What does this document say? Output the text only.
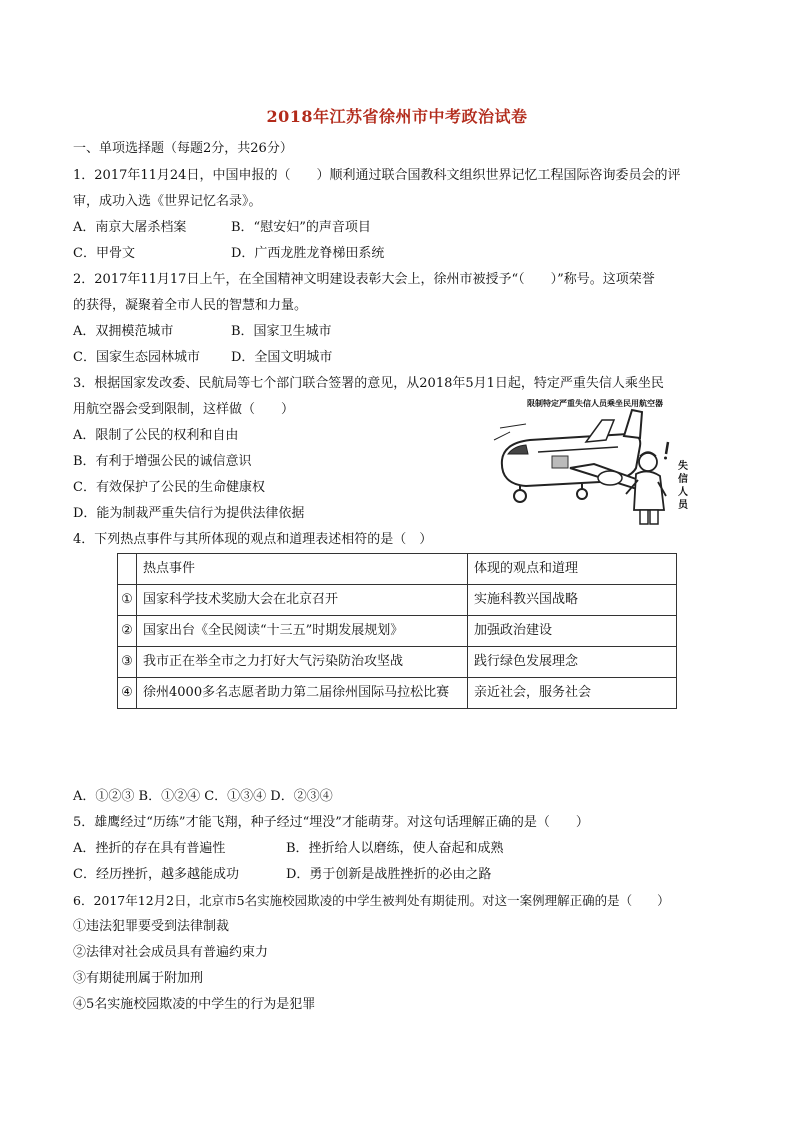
2018年江苏省徐州市中考政治试卷
一、单项选择题（每题2分，共26分）
1．2017年11月24日，中国申报的（　　）顺利通过联合国教科文组织世界记忆工程国际咨询委员会的评
审，成功入选《世界记忆名录》。
A．南京大屠杀档案	B．“慰安妇”的声音项目
C．甲骨文	D．广西龙胜龙脊梯田系统
2．2017年11月17日上午，在全国精神文明建设表彰大会上，徐州市被授予“（　　）”称号。这项荣誉
的获得，凝聚着全市人民的智慧和力量。
A．双拥模范城市	B．国家卫生城市
C．国家生态园林城市 D．全国文明城市
3．根据国家发改委、民航局等七个部门联合签署的意见，从2018年5月1日起，特定严重失信人乘坐民
用航空器会受到限制，这样做（　　）
A．限制了公民的权利和自由
B．有利于增强公民的诚信意识
C．有效保护了公民的生命健康权
D．能为制裁严重失信行为提供法律依据
限制特定严重失信人员乘坐民用航空器
失信人员
4．下列热点事件与其所体现的观点和道理表述相符的是（　）
	热点事件	体现的观点和道理
①	国家科学技术奖励大会在北京召开	实施科教兴国战略
②	国家出台《全民阅读“十三五”时期发展规划》	加强政治建设
③	我市正在举全市之力打好大气污染防治攻坚战	践行绿色发展理念
④	徐州4000多名志愿者助力第二届徐州国际马拉松比赛	亲近社会，服务社会
A．①②③ B．①②④ C．①③④ D．②③④
5．雄鹰经过“历练”才能飞翔，种子经过“埋没”才能萌芽。对这句话理解正确的是（　　）
A．挫折的存在具有普遍性	B．挫折给人以磨练，使人奋起和成熟
C．经历挫折，越多越能成功	D．勇于创新是战胜挫折的必由之路
6．2017年12月2日，北京市5名实施校园欺凌的中学生被判处有期徒刑。对这一案例理解正确的是（　　）
①违法犯罪要受到法律制裁
②法律对社会成员具有普遍约束力
③有期徒刑属于附加刑
④5名实施校园欺凌的中学生的行为是犯罪
